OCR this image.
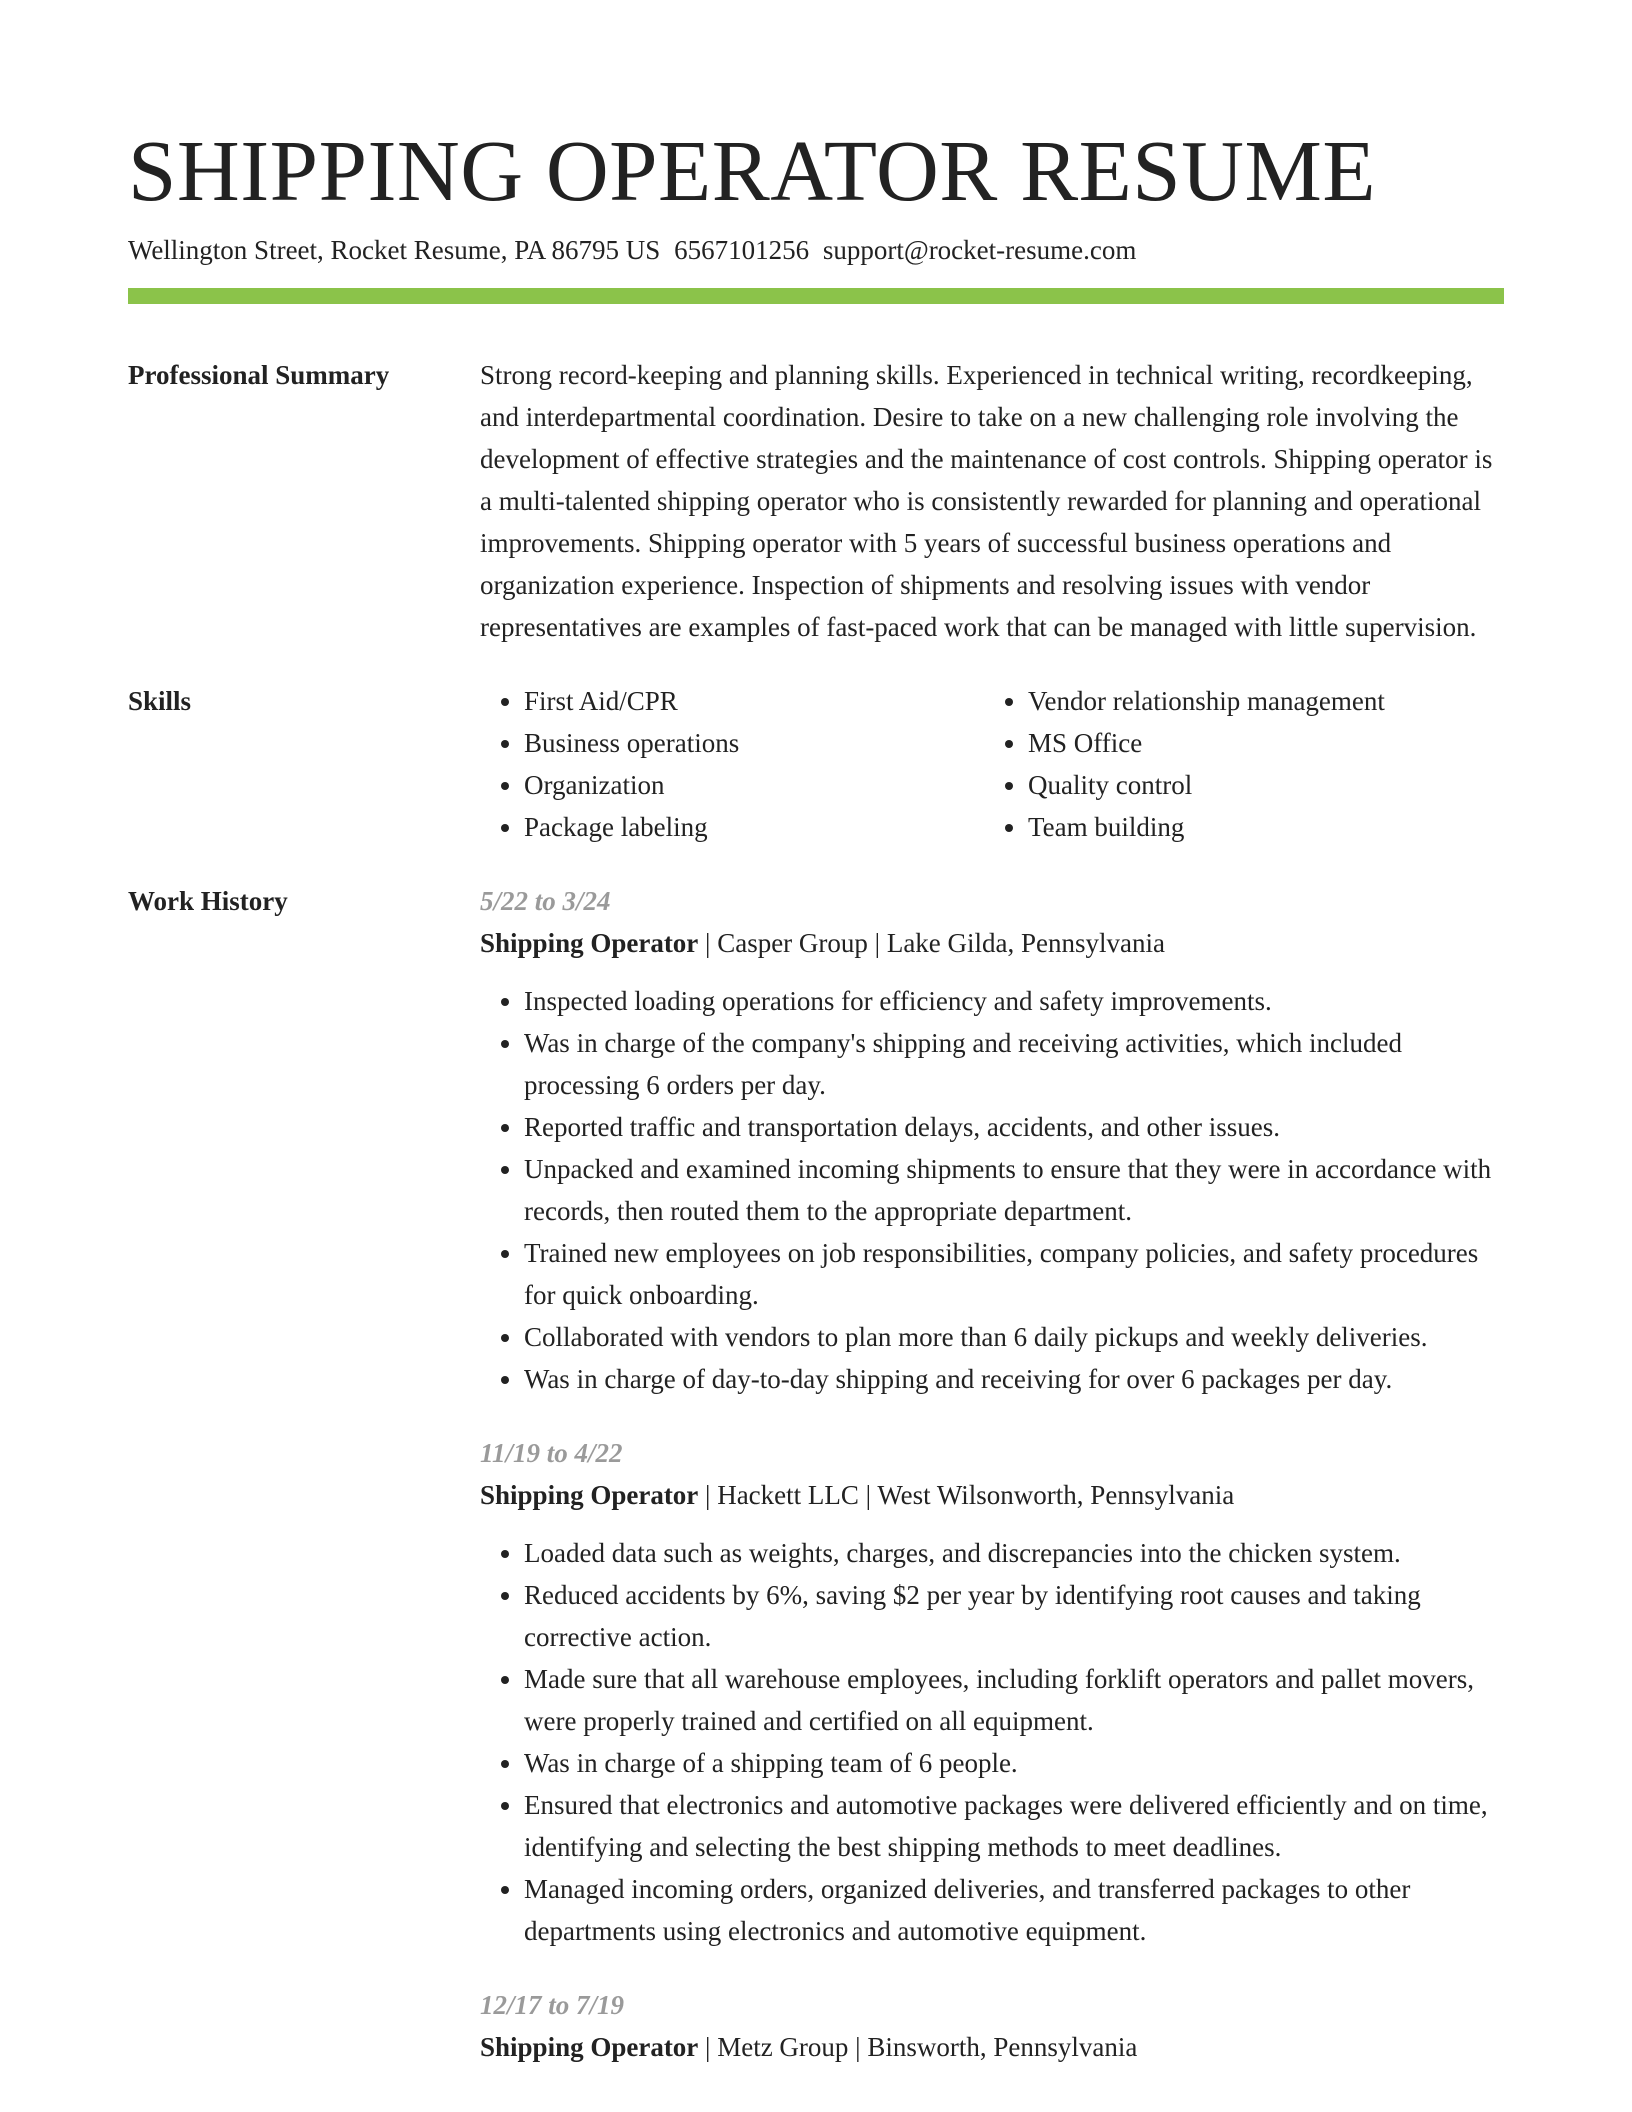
SHIPPING OPERATOR RESUME
Wellington Street, Rocket Resume, PA 86795 US 6567101256 support@rocket-resume.com
Professional Summary	Strong record-keeping and planning skills. Experienced in technical writing, recordkeeping, and interdepartmental coordination. Desire to take on a new challenging role involving the development of effective strategies and the maintenance of cost controls. Shipping operator is a multi-talented shipping operator who is consistently rewarded for planning and operational improvements. Shipping operator with 5 years of successful business operations and organization experience. Inspection of shipments and resolving issues with vendor representatives are examples of fast-paced work that can be managed with little supervision.

Skills
•	First Aid/CPR
• Business operations
• Organization
• Package labeling
• Vendor relationship management
• MS Office
• Quality control
• Team building
Work History	5/22 to 3/24
Shipping Operator | Casper Group | Lake Gilda, Pennsylvania
• Inspected loading operations for efficiency and safety improvements.
• Was in charge of the company's shipping and receiving activities, which included processing 6 orders per day.
• Reported traffic and transportation delays, accidents, and other issues.
• Unpacked and examined incoming shipments to ensure that they were in accordance with records, then routed them to the appropriate department.
• Trained new employees on job responsibilities, company policies, and safety procedures for quick onboarding.
• Collaborated with vendors to plan more than 6 daily pickups and weekly deliveries.
• Was in charge of day-to-day shipping and receiving for over 6 packages per day.
11/19 to 4/22
Shipping Operator | Hackett LLC | West Wilsonworth, Pennsylvania
• Loaded data such as weights, charges, and discrepancies into the chicken system.
• Reduced accidents by 6%, saving $2 per year by identifying root causes and taking corrective action.
• Made sure that all warehouse employees, including forklift operators and pallet movers, were properly trained and certified on all equipment.
• Was in charge of a shipping team of 6 people.
• Ensured that electronics and automotive packages were delivered efficiently and on time, identifying and selecting the best shipping methods to meet deadlines.
• Managed incoming orders, organized deliveries, and transferred packages to other departments using electronics and automotive equipment.
12/17 to 7/19
Shipping Operator | Metz Group | Binsworth, Pennsylvania
